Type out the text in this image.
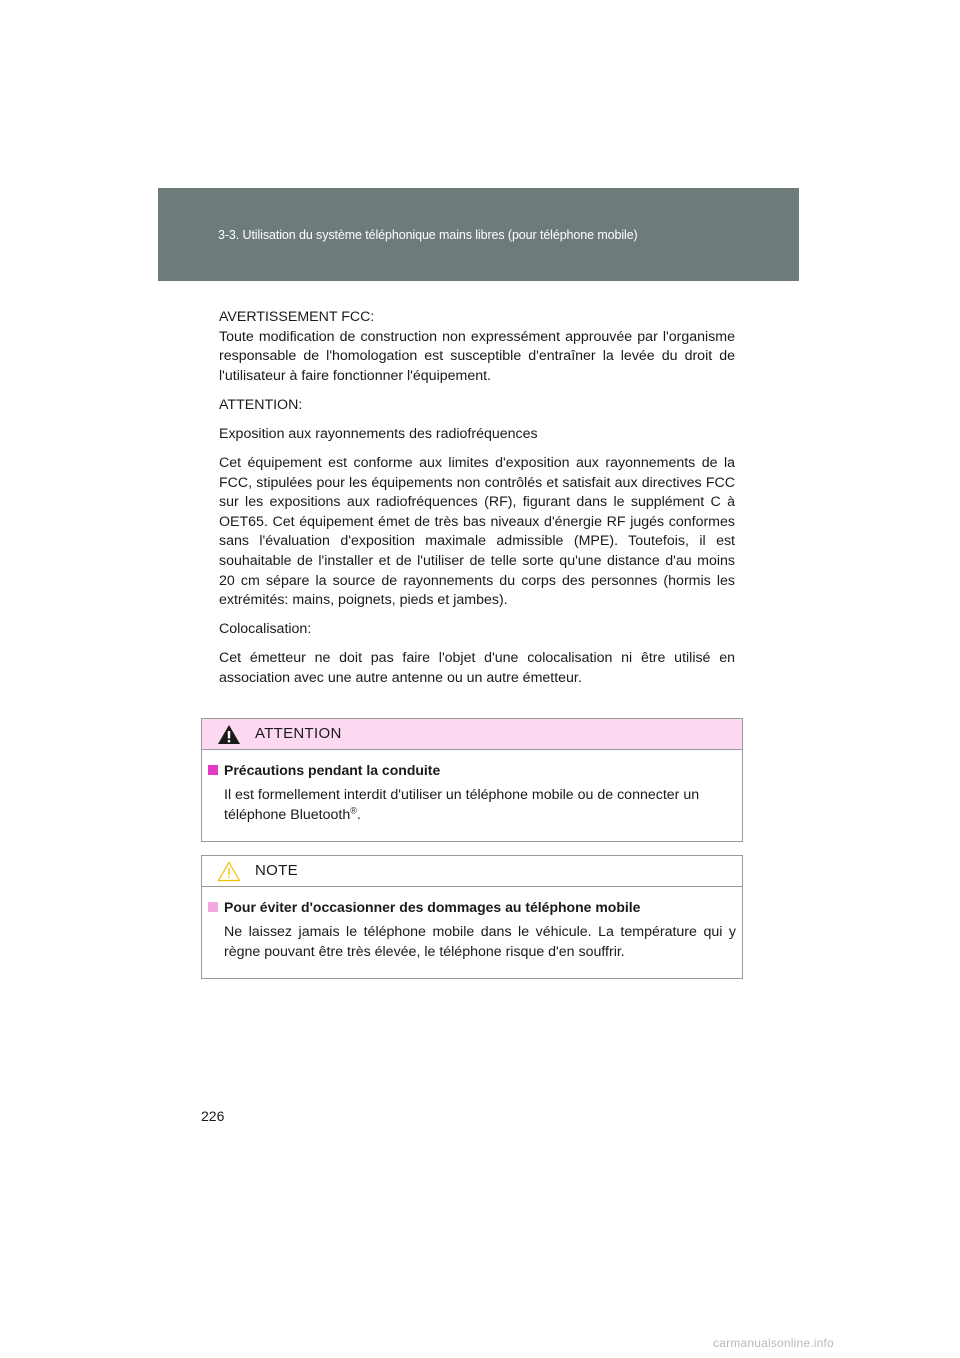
3-3. Utilisation du système téléphonique mains libres (pour téléphone mobile)

AVERTISSEMENT FCC:

Toute modification de construction non expressément approuvée par l'organisme responsable de l'homologation est susceptible d'entraîner la levée du droit de l'utilisateur à faire fonctionner l'équipement.

ATTENTION:

Exposition aux rayonnements des radiofréquences

Cet équipement est conforme aux limites d'exposition aux rayonnements de la FCC, stipulées pour les équipements non contrôlés et satisfait aux directives FCC sur les expositions aux radiofréquences (RF), figurant dans le supplément C à OET65. Cet équipement émet de très bas niveaux d'énergie RF jugés conformes sans l'évaluation d'exposition maximale admissible (MPE). Toutefois, il est souhaitable de l'installer et de l'utiliser de telle sorte qu'une distance d'au moins 20 cm sépare la source de rayonnements du corps des personnes (hormis les extrémités: mains, poignets, pieds et jambes).

Colocalisation:

Cet émetteur ne doit pas faire l'objet d'une colocalisation ni être utilisé en association avec une autre antenne ou un autre émetteur.

ATTENTION
Précautions pendant la conduite
Il est formellement interdit d'utiliser un téléphone mobile ou de connecter un téléphone Bluetooth®.
NOTE
Pour éviter d'occasionner des dommages au téléphone mobile
Ne laissez jamais le téléphone mobile dans le véhicule. La température qui y règne pouvant être très élevée, le téléphone risque d'en souffrir.
226
carmanualsonline.info
